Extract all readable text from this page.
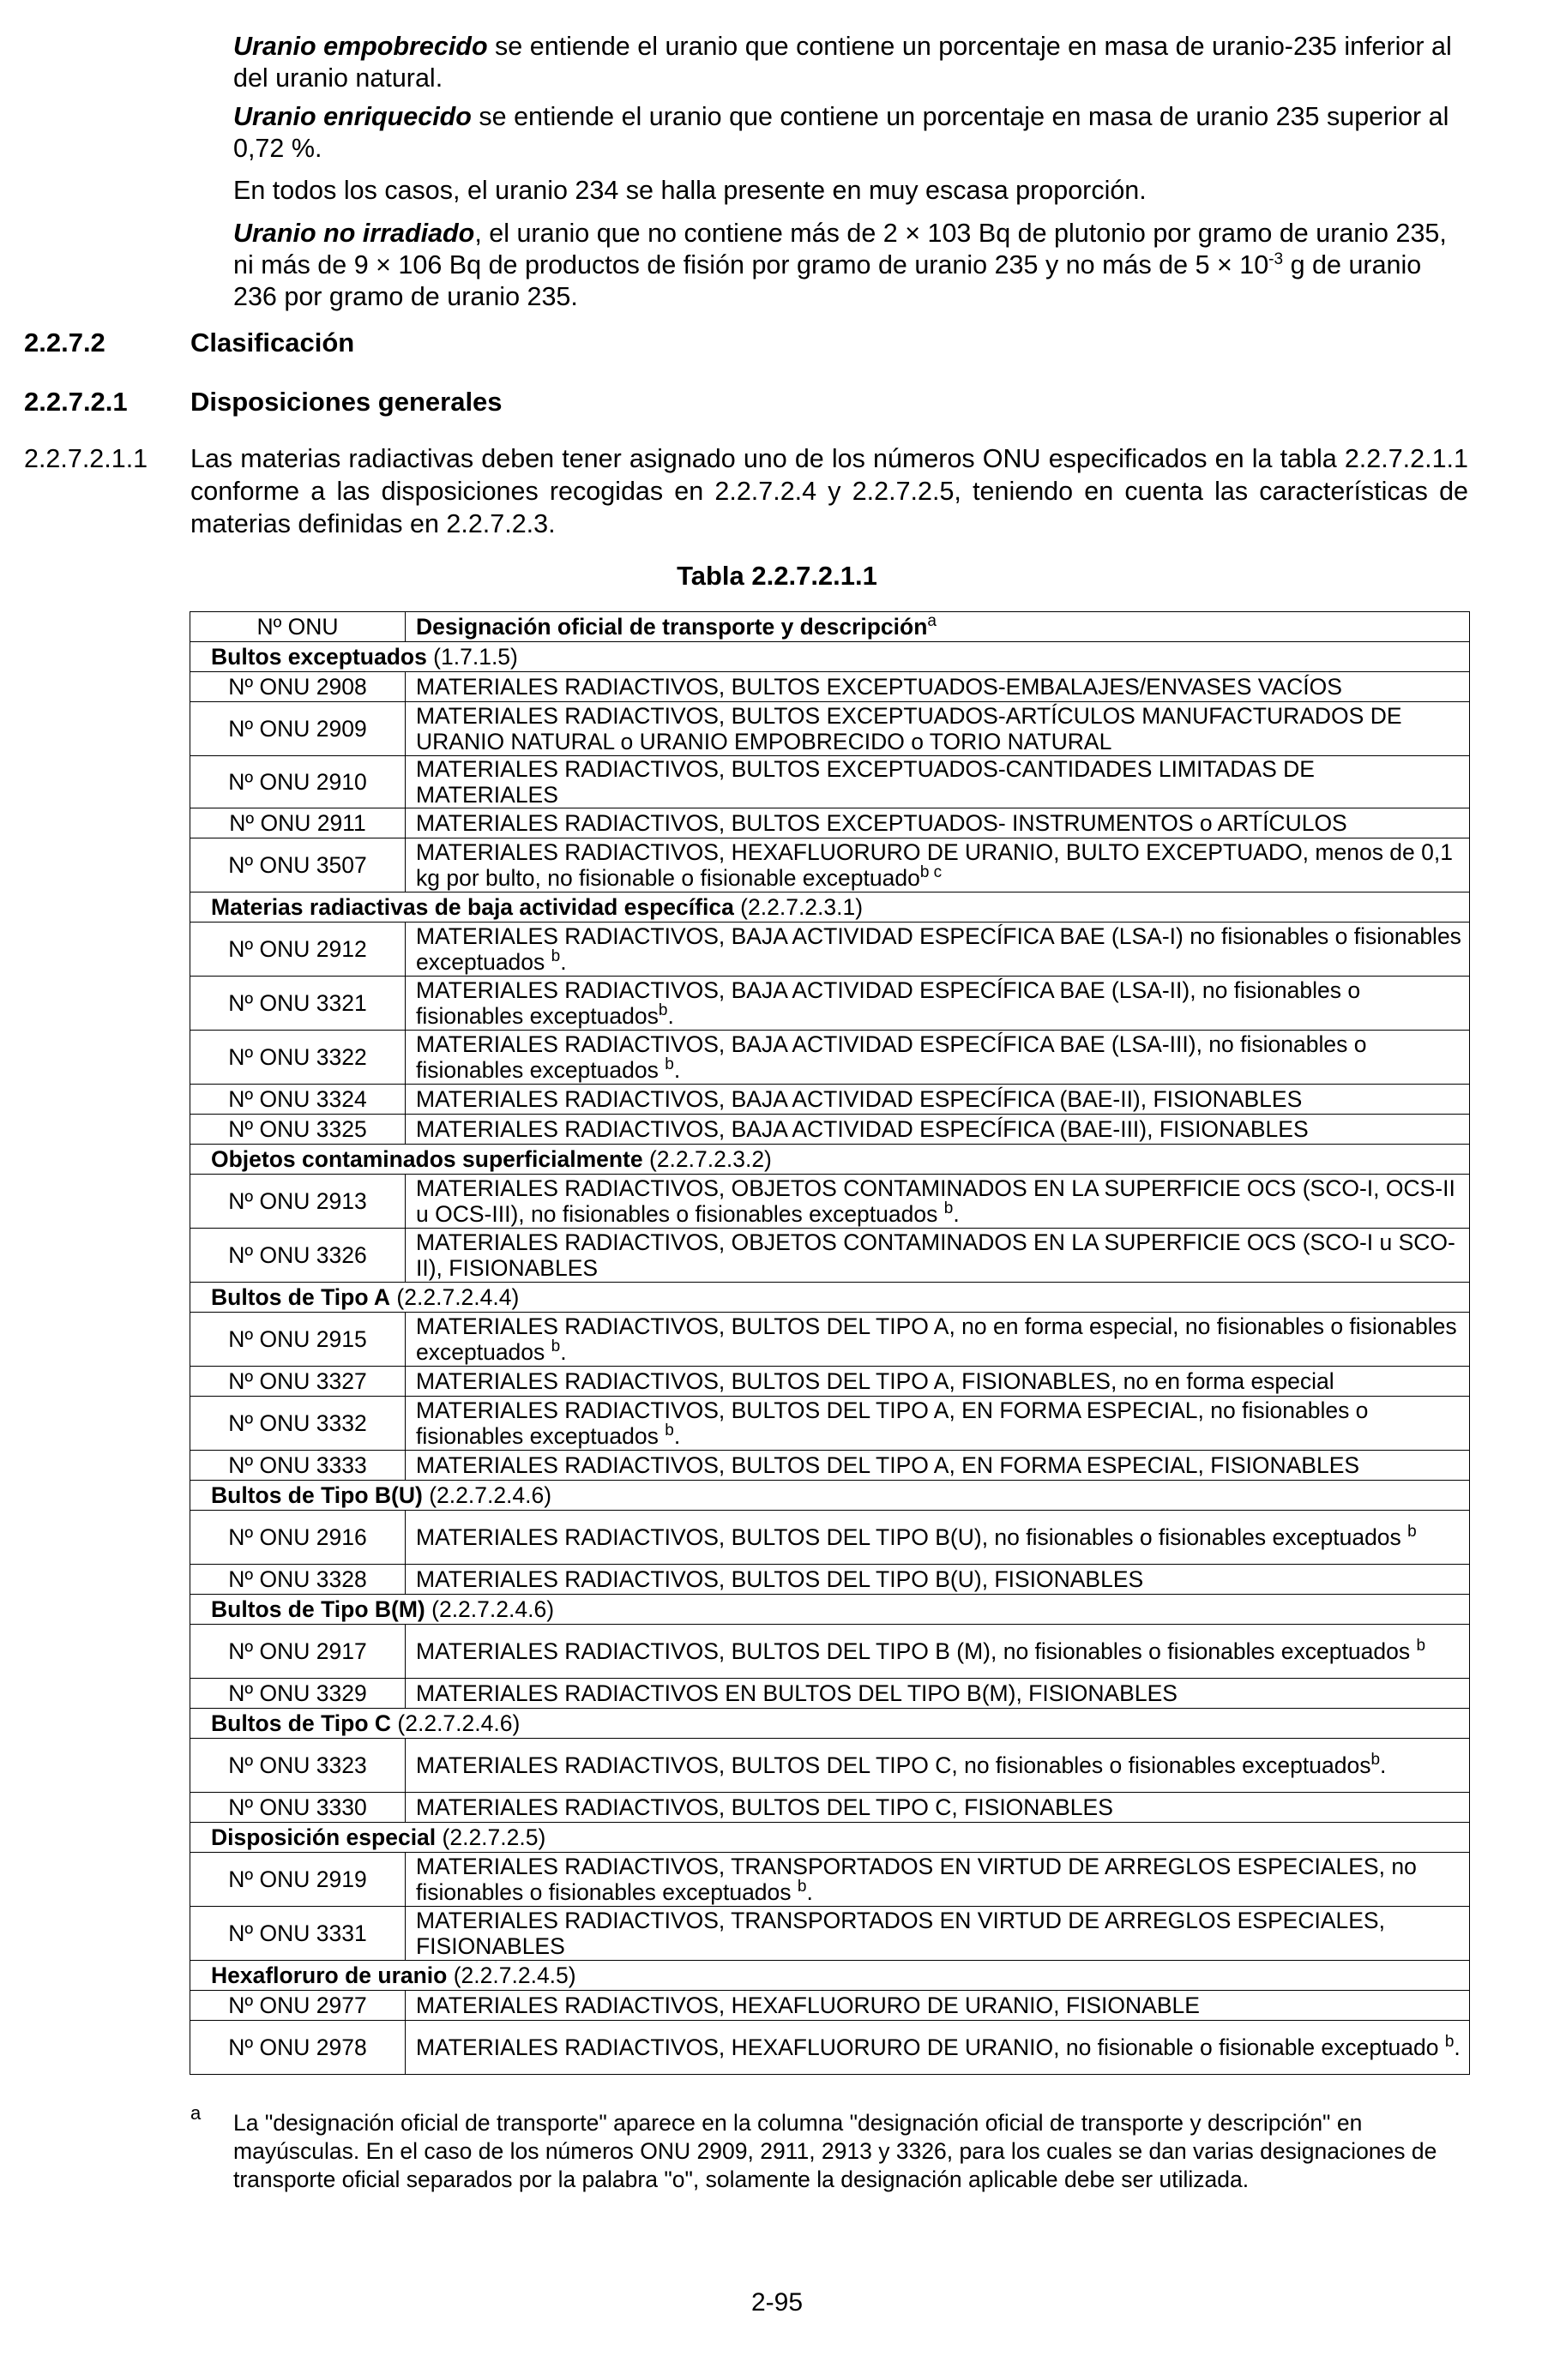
Uranio empobrecido se entiende el uranio que contiene un porcentaje en masa de uranio-235 inferior al del uranio natural.

Uranio enriquecido se entiende el uranio que contiene un porcentaje en masa de uranio 235 superior al 0,72 %.

En todos los casos, el uranio 234 se halla presente en muy escasa proporción.

Uranio no irradiado, el uranio que no contiene más de 2 × 103 Bq de plutonio por gramo de uranio 235, ni más de 9 × 106 Bq de productos de fisión por gramo de uranio 235 y no más de $5 \times 10^{-3}$ g de uranio 236 por gramo de uranio 235.

2.2.7.2	Clasificación
2.2.7.2.1 Disposiciones generales
2.2.7.2.1.1 Las materias radiactivas deben tener asignado uno de los números ONU especificados en la tabla 2.2.7.2.1.1 conforme a las disposiciones recogidas en 2.2.7.2.4 y 2.2.7.2.5, teniendo en cuenta las características de materias definidas en 2.2.7.2.3.

Tabla 2.2.7.2.1.1
Nº ONU	Designación oficial de transporte y descripción$^a$
Bultos exceptuados (1.7.1.5)	
Nº ONU 2908	MATERIALES RADIACTIVOS, BULTOS EXCEPTUADOS-EMBALAJES/ENVASES VACÍOS
Nº ONU 2909	MATERIALES RADIACTIVOS, BULTOS EXCEPTUADOS-ARTÍCULOS MANUFACTURADOS DE URANIO NATURAL o URANIO EMPOBRECIDO o TORIO NATURAL
Nº ONU 2910	MATERIALES RADIACTIVOS, BULTOS EXCEPTUADOS-CANTIDADES LIMITADAS DE MATERIALES
Nº ONU 2911	MATERIALES RADIACTIVOS, BULTOS EXCEPTUADOS- INSTRUMENTOS o ARTÍCULOS
Nº ONU 3507	MATERIALES RADIACTIVOS, HEXAFLUORURO DE URANIO, BULTO EXCEPTUADO, menos de 0,1 kg por bulto, no fisionable o fisionable exceptuado$^{b c}$
Materias radiactivas de baja actividad específica (2.2.7.2.3.1)	
Nº ONU 2912	MATERIALES RADIACTIVOS, BAJA ACTIVIDAD ESPECÍFICA BAE (LSA-I) no fisionables o fisionables exceptuados $^b$.
Nº ONU 3321	MATERIALES RADIACTIVOS, BAJA ACTIVIDAD ESPECÍFICA BAE (LSA-II), no fisionables o fisionables exceptuados$^b$.
Nº ONU 3322	MATERIALES RADIACTIVOS, BAJA ACTIVIDAD ESPECÍFICA BAE (LSA-III), no fisionables o fisionables exceptuados $^b$.
Nº ONU 3324	MATERIALES RADIACTIVOS, BAJA ACTIVIDAD ESPECÍFICA (BAE-II), FISIONABLES
Nº ONU 3325	MATERIALES RADIACTIVOS, BAJA ACTIVIDAD ESPECÍFICA (BAE-III), FISIONABLES
Objetos contaminados superficialmente (2.2.7.2.3.2)	
Nº ONU 2913	MATERIALES RADIACTIVOS, OBJETOS CONTAMINADOS EN LA SUPERFICIE OCS (SCO-I, OCS-II u OCS-III), no fisionables o fisionables exceptuados $^b$.
Nº ONU 3326	MATERIALES RADIACTIVOS, OBJETOS CONTAMINADOS EN LA SUPERFICIE OCS (SCO-I u SCO-II), FISIONABLES
Bultos de Tipo A (2.2.7.2.4.4)	
Nº ONU 2915	MATERIALES RADIACTIVOS, BULTOS DEL TIPO A, no en forma especial, no fisionables o fisionables exceptuados $^b$.
Nº ONU 3327	MATERIALES RADIACTIVOS, BULTOS DEL TIPO A, FISIONABLES, no en forma especial
Nº ONU 3332	MATERIALES RADIACTIVOS, BULTOS DEL TIPO A, EN FORMA ESPECIAL, no fisionables o fisionables exceptuados $^b$.
Nº ONU 3333	MATERIALES RADIACTIVOS, BULTOS DEL TIPO A, EN FORMA ESPECIAL, FISIONABLES
Bultos de Tipo B(U) (2.2.7.2.4.6)	
Nº ONU 2916	MATERIALES RADIACTIVOS, BULTOS DEL TIPO B(U), no fisionables o fisionables exceptuados $^b$
Nº ONU 3328	MATERIALES RADIACTIVOS, BULTOS DEL TIPO B(U), FISIONABLES
Bultos de Tipo B(M) (2.2.7.2.4.6)	
Nº ONU 2917	MATERIALES RADIACTIVOS, BULTOS DEL TIPO B (M), no fisionables o fisionables exceptuados $^b$
Nº ONU 3329	MATERIALES RADIACTIVOS EN BULTOS DEL TIPO B(M), FISIONABLES
Bultos de Tipo C (2.2.7.2.4.6)	
Nº ONU 3323	MATERIALES RADIACTIVOS, BULTOS DEL TIPO C, no fisionables o fisionables exceptuados$^b$.
Nº ONU 3330	MATERIALES RADIACTIVOS, BULTOS DEL TIPO C, FISIONABLES
Disposición especial (2.2.7.2.5)	
Nº ONU 2919	MATERIALES RADIACTIVOS, TRANSPORTADOS EN VIRTUD DE ARREGLOS ESPECIALES, no fisionables o fisionables exceptuados $^b$.
Nº ONU 3331	MATERIALES RADIACTIVOS, TRANSPORTADOS EN VIRTUD DE ARREGLOS ESPECIALES, FISIONABLES
Hexafloruro de uranio (2.2.7.2.4.5)	
Nº ONU 2977	MATERIALES RADIACTIVOS, HEXAFLUORURO DE URANIO, FISIONABLE
Nº ONU 2978	MATERIALES RADIACTIVOS, HEXAFLUORURO DE URANIO, no fisionable o fisionable exceptuado $^b$.
a La "designación oficial de transporte" aparece en la columna "designación oficial de transporte y descripción" en mayúsculas. En el caso de los números ONU 2909, 2911, 2913 y 3326, para los cuales se dan varias designaciones de transporte oficial separados por la palabra "o", solamente la designación aplicable debe ser utilizada.

2-95
